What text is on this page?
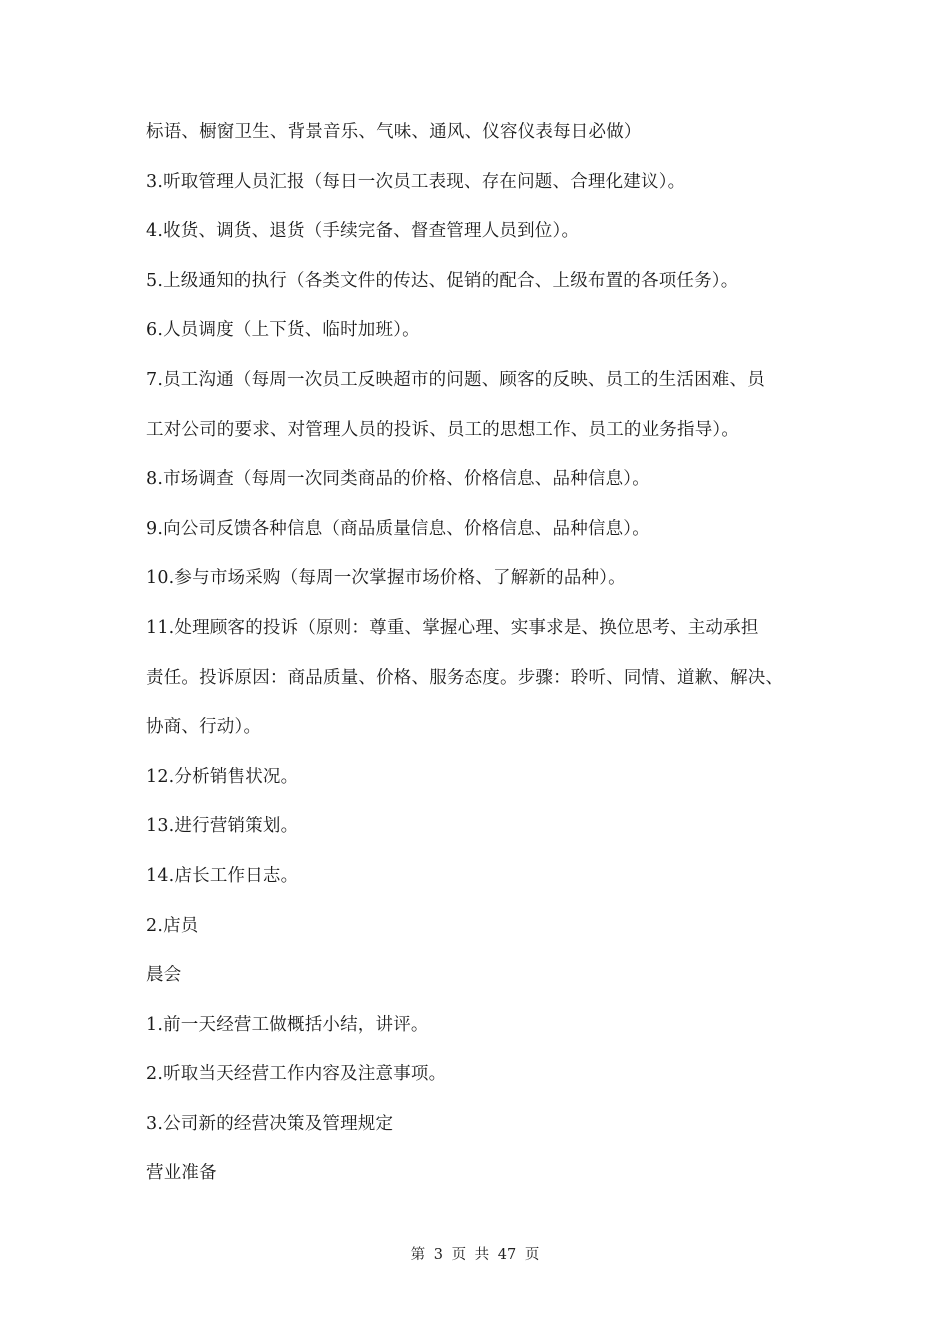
标语、橱窗卫生、背景音乐、气味、通风、仪容仪表每日必做）

3.听取管理人员汇报（每日一次员工表现、存在问题、合理化建议）。

4.收货、调货、退货（手续完备、督查管理人员到位）。

5.上级通知的执行（各类文件的传达、促销的配合、上级布置的各项任务）。

6.人员调度（上下货、临时加班）。

7.员工沟通（每周一次员工反映超市的问题、顾客的反映、员工的生活困难、员

工对公司的要求、对管理人员的投诉、员工的思想工作、员工的业务指导）。

8.市场调查（每周一次同类商品的价格、价格信息、品种信息）。

9.向公司反馈各种信息（商品质量信息、价格信息、品种信息）。

10.参与市场采购（每周一次掌握市场价格、了解新的品种）。

11.处理顾客的投诉（原则：尊重、掌握心理、实事求是、换位思考、主动承担

责任。投诉原因：商品质量、价格、服务态度。步骤：聆听、同情、道歉、解决、

协商、行动）。

12.分析销售状况。

13.进行营销策划。

14.店长工作日志。

2.店员

晨会

1.前一天经营工做概括小结，讲评。

2.听取当天经营工作内容及注意事项。

3.公司新的经营决策及管理规定

营业准备

第 3 页 共 47 页
